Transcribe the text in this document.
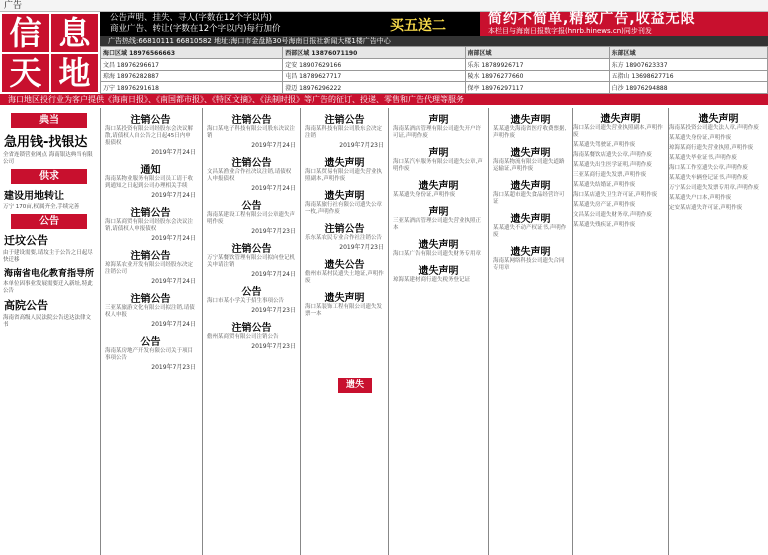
广告
信 息
天 地
公告声明、挂失、寻人(字数在12个字以内)
商业广告、转让(字数在12个字以内)每行加价	买五送二	简约不简单,精致广告,收益无限
本栏目与海南日报数字报(hnrb.hinews.cn)同步刊发
广告热线:66810111 66810582 地址:海口市金盘路30号海南日报社新闻大楼1楼广告中心
海口区域 18976566663	西部区域 13876071190	南部区域	东部区域
文昌 18976296617	定安 18907629166	乐东 18789926717	东方 18907623337
琼海 18976282887	屯昌 18789627717	陵水 18976277660	五指山 13698627716
万宁 18976291618	澄迈 18976296222	保亭 18976297117	白沙 18976294888
海口地区投行业为客户提供《海南日报》、《南国都市报》、《特区文摘》、《法制时报》等广告的征订、投递、零售和广告代理等服务
典当
急用钱-找银达
全省连锁营业网点 海南银达典当有限公司
供求
建设用地转让
万宁 170亩,权属齐全,手续完善
公告
迁坟公告
由于建设需要,请坟主于公告之日起尽快迁移
海南省电化教育指导所
本单位因事业发展需要迁入新址,特此公告
高院公告
海南省高级人民法院公告送达法律文书
注销公告
海口某投资有限公司经股东会决议解散,请债权人自公告之日起45日内申报债权
2019年7月24日
通知
海南某物业服务有限公司员工请于收到通知之日起到公司办理相关手续
2019年7月24日
注销公告
海口某商贸有限公司经股东会决议注销,请债权人申报债权
2019年7月24日
注销公告
琼海某农业开发有限公司经股东决定注销公司
2019年7月24日
注销公告
三亚某旅游文化有限公司拟注销,请债权人申报
2019年7月24日
公告
海南某房地产开发有限公司关于项目事项公告
2019年7月23日
注销公告
海口某电子科技有限公司股东决议注销
2019年7月24日
注销公告
文昌某渔业合作社决议注销,请债权人申报债权
2019年7月24日
公告
海南某建设工程有限公司公章遗失声明作废
2019年7月23日
注销公告
万宁某餐饮管理有限公司拟向登记机关申请注销
2019年7月24日
公告
海口市某小学关于招生事项公告
2019年7月23日
注销公告
儋州某商贸有限公司注销公告
2019年7月23日
注销公告
海南某科技有限公司股东会决定注销
2019年7月23日
遗失声明
海口某贸易有限公司遗失营业执照副本,声明作废
遗失声明
海南某旅行社有限公司遗失公章一枚,声明作废
注销公告
乐东某农民专业合作社注销公告
2019年7月23日
遗失公告
儋州市某村民遗失土地证,声明作废
遗失声明
海口某装饰工程有限公司遗失发票一本
声明
海南某酒店管理有限公司遗失开户许可证,声明作废
声明
海口某汽车服务有限公司遗失公章,声明作废
遗失声明
某某遗失身份证,声明作废
声明
三亚某酒店管理公司遗失营业执照正本
遗失声明
海口某广告有限公司遗失财务专用章
遗失声明
琼海某建材商行遗失税务登记证
遗失声明
某某遗失海南省医疗收费票据,声明作废
遗失声明
海南某物流有限公司遗失道路运输证,声明作废
遗失声明
海口某超市遗失食品经营许可证
遗失声明
某某遗失不动产权证书,声明作废
遗失声明
海南某网络科技公司遗失合同专用章
遗失声明
海口某公司遗失营业执照副本,声明作废
某某遗失驾驶证,声明作废
海南某餐饮店遗失公章,声明作废
某某遗失出生医学证明,声明作废
三亚某商行遗失发票,声明作废
某某遗失结婚证,声明作废
海口某店遗失卫生许可证,声明作废
某某遗失房产证,声明作废
文昌某公司遗失财务章,声明作废
某某遗失残疾证,声明作废
遗失声明
海南某投资公司遗失法人章,声明作废
某某遗失身份证,声明作废
琼海某商行遗失营业执照,声明作废
某某遗失毕业证书,声明作废
海口某工作室遗失公章,声明作废
某某遗失车辆登记证书,声明作废
万宁某公司遗失发票专用章,声明作废
某某遗失户口本,声明作废
定安某店遗失许可证,声明作废
遗失
